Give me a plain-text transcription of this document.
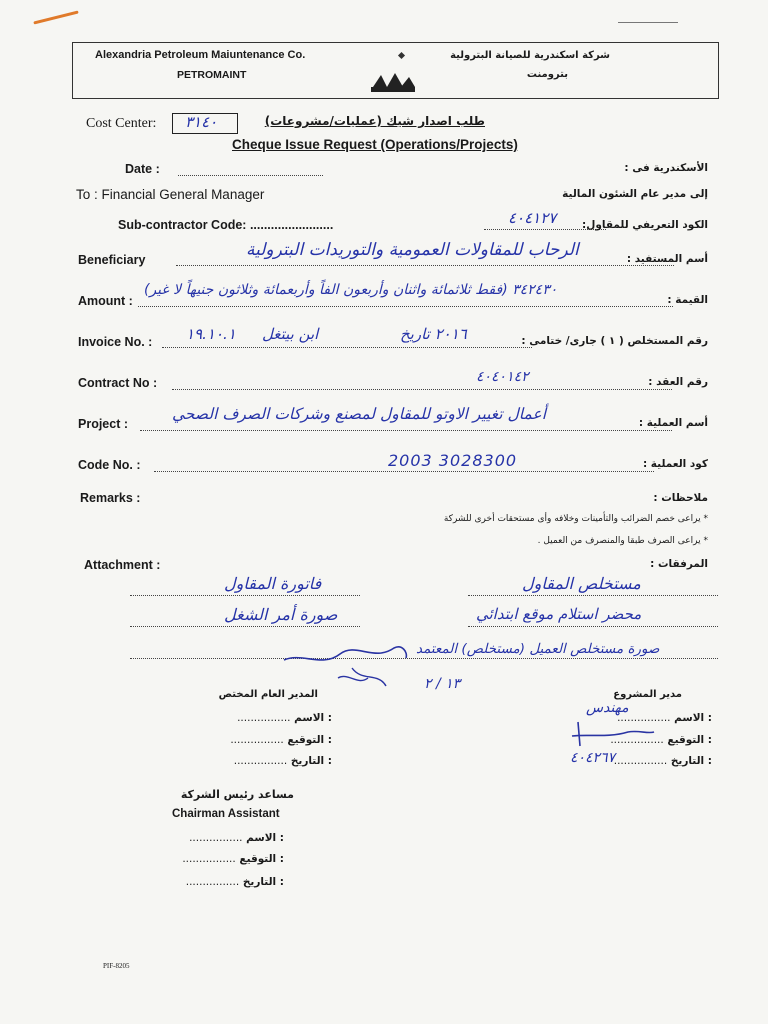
Alexandria Petroleum Maiuntenance Co.
PETROMAINT
شركة اسكندرية للصيانة البترولية
بترومنت
Cost Center: ٣١٤٠	طلب اصدار شيك (عمليات/مشروعات)
Cheque Issue Request (Operations/Projects)
Date :	الأسكندرية فى :
To : Financial General Manager	إلى مدير عام الشئون المالية
Sub-contractor Code: ........................	٤٠٤١٢٧ الكود التعريفي للمقاول:
Beneficiary	الرحاب للمقاولات العمومية والتوريدات البترولية	أسم المستفيد :
Amount :
٣٤٢٤٣٠ (فقط ثلاثمائة واثنان وأربعون الفاً وأربعمائة وثلاثون جنيهاً لا غير)
القيمة :
Invoice No. : ١٩.١٠.١ ابن بيتغل	٢٠١٦ تاريخ	رقم المستخلص ( ١ ) جارى/ ختامى :
Contract No :	٤٠٤٠١٤٢	رقم العقد :
Project :
أعمال تغيير الاوتو للمقاول لمصنع وشركات الصرف الصحي	أسم العملية :
Code No. :	2003 3028300	كود العملية :
Remarks :	ملاحظات :
* يراعى خصم الضرائب والتأمينات وخلافه وأى مستحقات أخرى للشركة
* يراعى الصرف طبقا والمنصرف من العميل .
Attachment :	المرفقات :
مستخلص المقاول
فاتورة المقاول
محضر استلام موقع ابتدائي
صورة أمر الشغل
صورة مستخلص العميل (مستخلص) المعتمد
١٣ / ٢
المدير العام المختص
: الاسم ................
: التوقيع ................
: التاريخ ................
مدير المشروع
: الاسم ................
مهندس
: التوقيع ................
: التاريخ ................
٤٠٤٢٦٧
مساعد رئيس الشركة
Chairman Assistant
: الاسم ................
: التوقيع ................
: التاريخ ................
PIF-8205
